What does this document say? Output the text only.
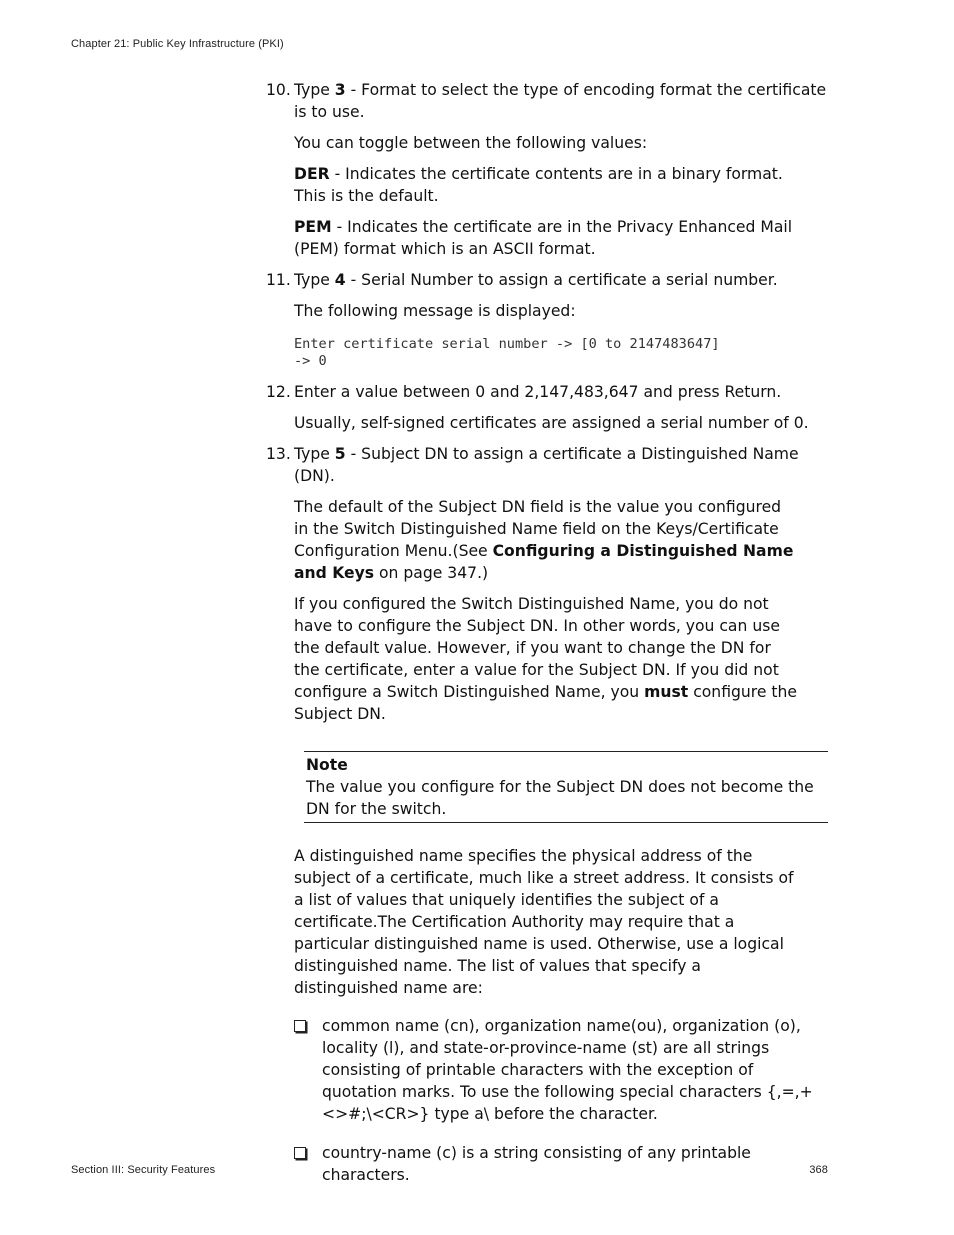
Chapter 21: Public Key Infrastructure (PKI)
10. Type 3 - Format to select the type of encoding format the certificate is to use.

You can toggle between the following values:

DER - Indicates the certificate contents are in a binary format. This is the default.

PEM - Indicates the certificate are in the Privacy Enhanced Mail (PEM) format which is an ASCII format.

11. Type 4 - Serial Number to assign a certificate a serial number.

The following message is displayed:

Enter certificate serial number -> [0 to 2147483647]
-> 0
12. Enter a value between 0 and 2,147,483,647 and press Return.

Usually, self-signed certificates are assigned a serial number of 0.

13. Type 5 - Subject DN to assign a certificate a Distinguished Name (DN).

The default of the Subject DN field is the value you configured in the Switch Distinguished Name field on the Keys/Certificate Configuration Menu.(See Configuring a Distinguished Name and Keys on page 347.)

If you configured the Switch Distinguished Name, you do not have to configure the Subject DN. In other words, you can use the default value. However, if you want to change the DN for the certificate, enter a value for the Subject DN. If you did not configure a Switch Distinguished Name, you must configure the Subject DN.

Note
The value you configure for the Subject DN does not become the DN for the switch.

A distinguished name specifies the physical address of the subject of a certificate, much like a street address. It consists of a list of values that uniquely identifies the subject of a certificate.The Certification Authority may require that a particular distinguished name is used. Otherwise, use a logical distinguished name. The list of values that specify a distinguished name are:

common name (cn), organization name(ou), organization (o), locality (l), and state-or-province-name (st) are all strings consisting of printable characters with the exception of quotation marks. To use the following special characters {,=,+<>#;\<CR>} type a\ before the character.
country-name (c) is a string consisting of any printable characters.
Section III: Security Features	368
